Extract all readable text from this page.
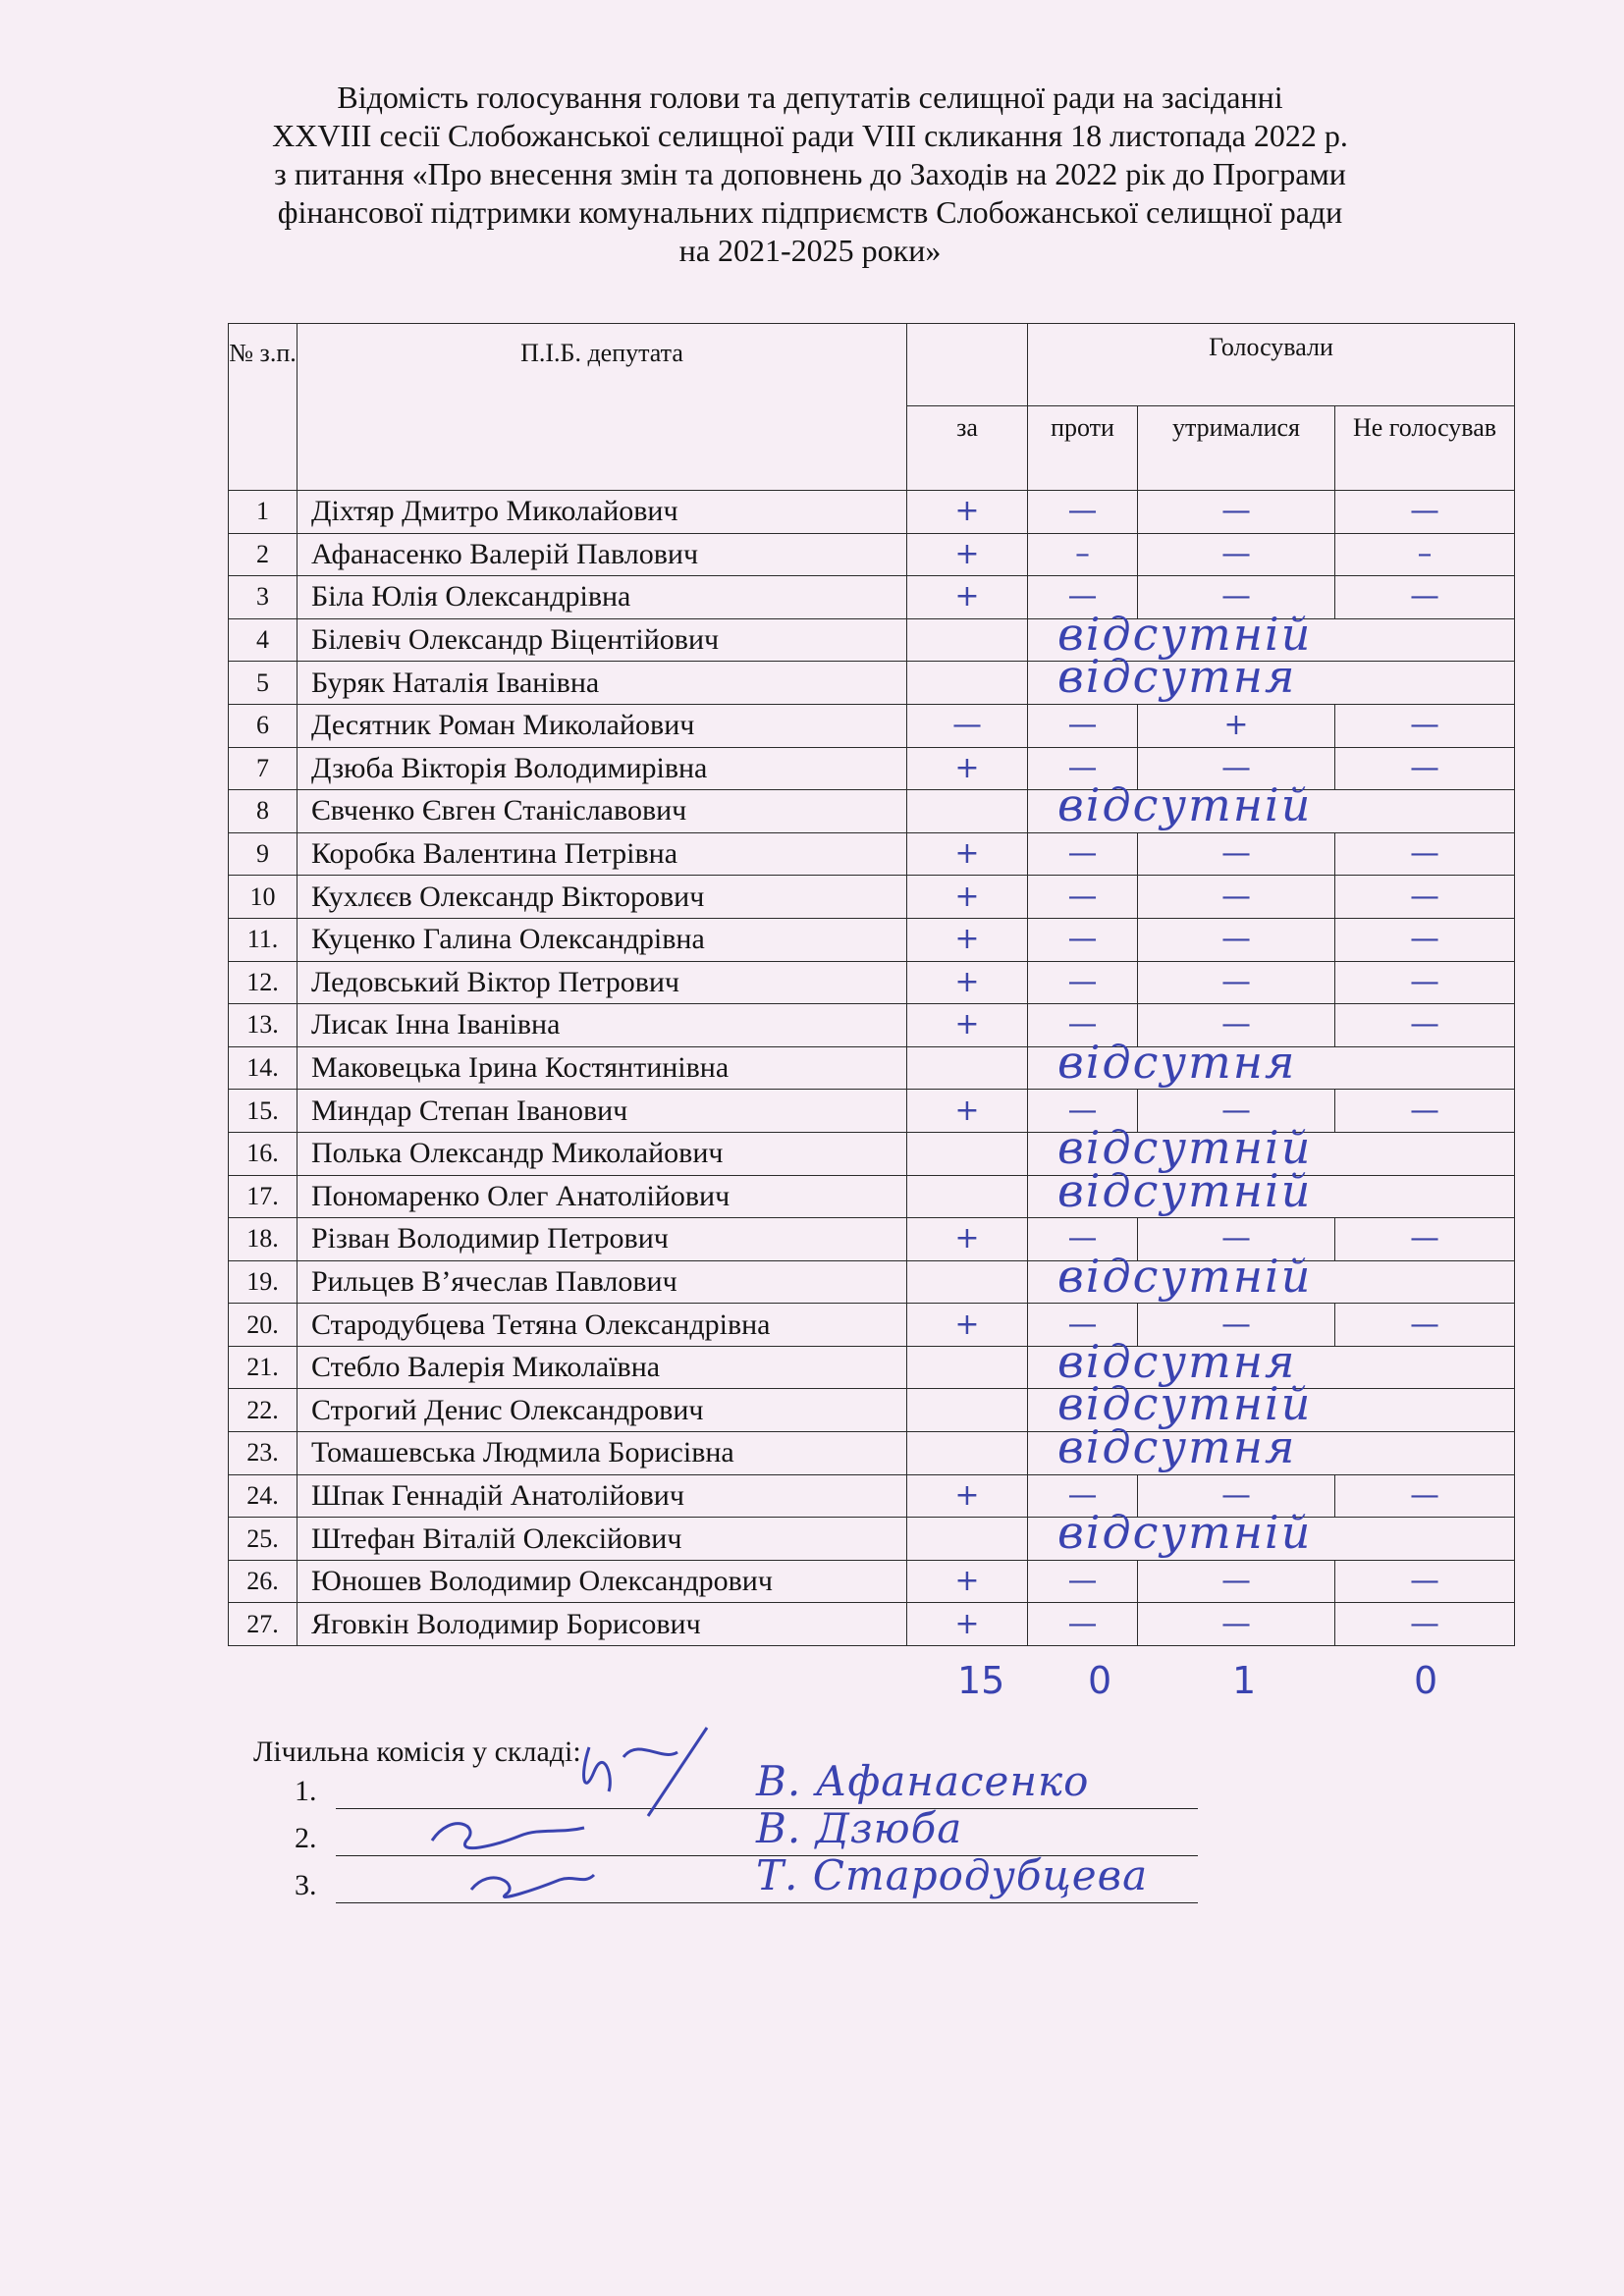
Відомість голосування голови та депутатів селищної ради на засіданні
XXVIII сесії Слобожанської селищної ради VIII скликання 18 листопада 2022 р.
з питання «Про внесення змін та доповнень до Заходів на 2022 рік до Програми
фінансової підтримки комунальних підприємств Слобожанської селищної ради
на 2021-2025 роки»
№ з.п.	П.І.Б. депутата		Голосували			
		за	проти	утрималися	Не голосував	
1	Діхтяр Дмитро Миколайович	+	—	—	—	
2	Афанасенко Валерій Павлович	+	–	—	–	
3	Біла Юлія Олександрівна	+	—	—	—	
4	Білевіч Олександр Віцентійович		відсутній			

5	Буряк Наталія Іванівна		відсутня			

6	Десятник Роман Миколайович	—	—	+	—	
7	Дзюба Вікторія Володимирівна	+	—	—	—	
8	Євченко Євген Станіславович		відсутній			

9	Коробка Валентина Петрівна	+	—	—	—	
10	Кухлєєв Олександр Вікторович	+	—	—	—	
11.	Куценко Галина Олександрівна	+	—	—	—	
12.	Ледовський Віктор Петрович	+	—	—	—	
13.	Лисак Інна Іванівна	+	—	—	—	
14.	Маковецька Ірина Костянтинівна		відсутня			

15.	Миндар Степан Іванович	+	—	—	—	
16.	Полька Олександр Миколайович		відсутній			

17.	Пономаренко Олег Анатолійович		відсутній			

18.	Різван Володимир Петрович	+	—	—	—	
19.	Рильцев В’ячеслав Павлович		відсутній			

20.	Стародубцева Тетяна Олександрівна	+	—	—	—	
21.	Стебло Валерія Миколаївна		відсутня			

22.	Строгий Денис Олександрович		відсутній			

23.	Томашевська Людмила Борисівна		відсутня			

24.	Шпак Геннадій Анатолійович	+	—	—	—	
25.	Штефан Віталій Олексійович		відсутній			

26.	Юношев Володимир Олександрович	+	—	—	—	
27.	Яговкін Володимир Борисович	+	—	—	—	
15 0	1	0
Лічильна комісія у складі:
1.	В. Афанасенко
2.	В. Дзюба
3.	Т. Стародубцева
